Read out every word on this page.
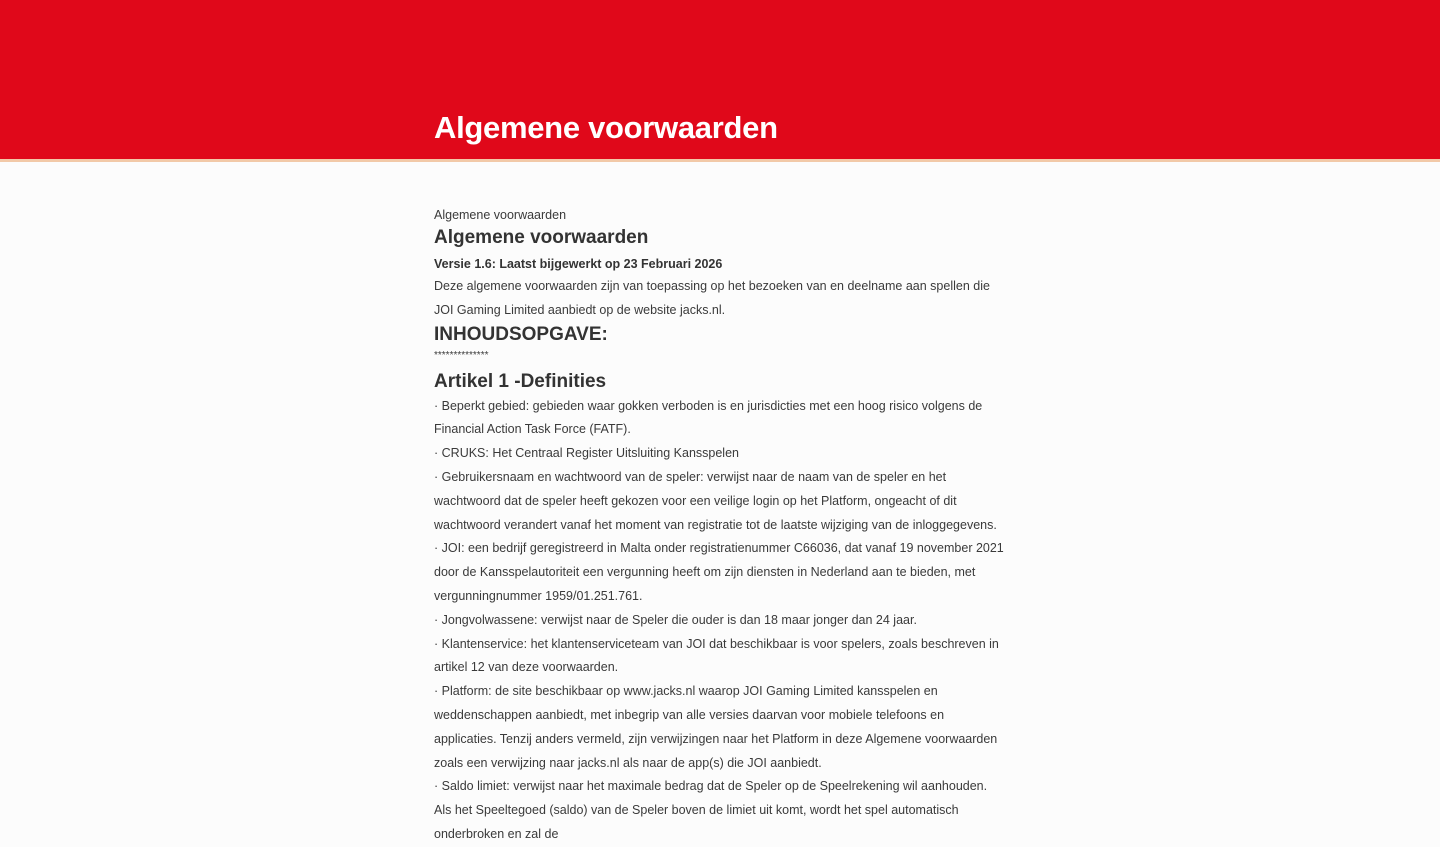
Algemene voorwaarden
Algemene voorwaarden
Algemene voorwaarden
Versie 1.6: Laatst bijgewerkt op 23 Februari 2026

Deze algemene voorwaarden zijn van toepassing op het bezoeken van en deelname aan spellen die JOI Gaming Limited aanbiedt op de website jacks.nl.

INHOUDSOPGAVE:
**************
Artikel 1 -Definities
· Beperkt gebied: gebieden waar gokken verboden is en jurisdicties met een hoog risico volgens de Financial Action Task Force (FATF).
· CRUKS: Het Centraal Register Uitsluiting Kansspelen
· Gebruikersnaam en wachtwoord van de speler: verwijst naar de naam van de speler en het wachtwoord dat de speler heeft gekozen voor een veilige login op het Platform, ongeacht of dit wachtwoord verandert vanaf het moment van registratie tot de laatste wijziging van de inloggegevens.
· JOI: een bedrijf geregistreerd in Malta onder registratienummer C66036, dat vanaf 19 november 2021 door de Kansspelautoriteit een vergunning heeft om zijn diensten in Nederland aan te bieden, met vergunningnummer 1959/01.251.761.
· Jongvolwassene: verwijst naar de Speler die ouder is dan 18 maar jonger dan 24 jaar.
· Klantenservice: het klantenserviceteam van JOI dat beschikbaar is voor spelers, zoals beschreven in artikel 12 van deze voorwaarden.
· Platform: de site beschikbaar op www.jacks.nl waarop JOI Gaming Limited kansspelen en weddenschappen aanbiedt, met inbegrip van alle versies daarvan voor mobiele telefoons en applicaties. Tenzij anders vermeld, zijn verwijzingen naar het Platform in deze Algemene voorwaarden zoals een verwijzing naar jacks.nl als naar de app(s) die JOI aanbiedt.
· Saldo limiet: verwijst naar het maximale bedrag dat de Speler op de Speelrekening wil aanhouden. Als het Speeltegoed (saldo) van de Speler boven de limiet uit komt, wordt het spel automatisch onderbroken en zal de
